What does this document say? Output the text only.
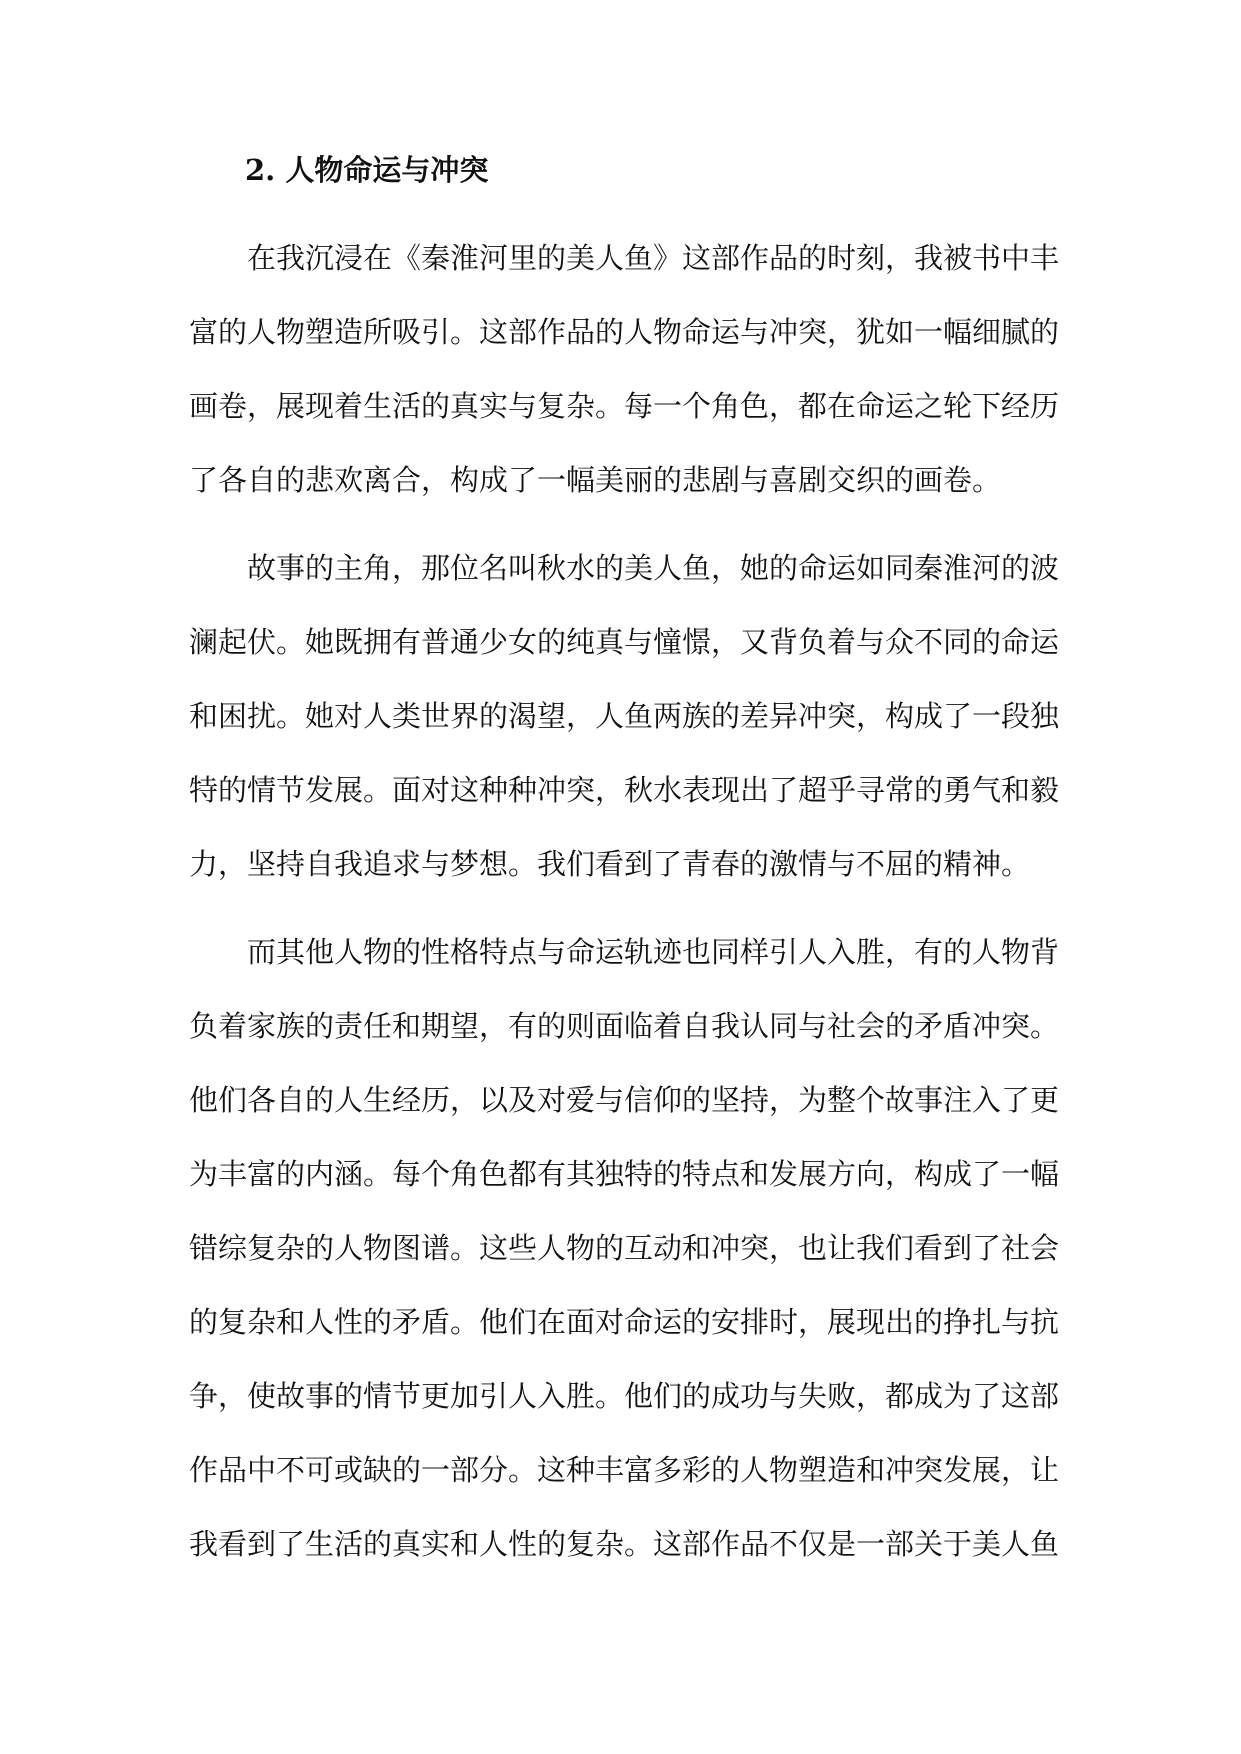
2. 人物命运与冲突

在我沉浸在《秦淮河里的美人鱼》这部作品的时刻，我被书中丰
富的人物塑造所吸引。这部作品的人物命运与冲突，犹如一幅细腻的
画卷，展现着生活的真实与复杂。每一个角色，都在命运之轮下经历
了各自的悲欢离合，构成了一幅美丽的悲剧与喜剧交织的画卷。

故事的主角，那位名叫秋水的美人鱼，她的命运如同秦淮河的波
澜起伏。她既拥有普通少女的纯真与憧憬，又背负着与众不同的命运
和困扰。她对人类世界的渴望，人鱼两族的差异冲突，构成了一段独
特的情节发展。面对这种种冲突，秋水表现出了超乎寻常的勇气和毅
力，坚持自我追求与梦想。我们看到了青春的激情与不屈的精神。

而其他人物的性格特点与命运轨迹也同样引人入胜，有的人物背
负着家族的责任和期望，有的则面临着自我认同与社会的矛盾冲突。
他们各自的人生经历，以及对爱与信仰的坚持，为整个故事注入了更
为丰富的内涵。每个角色都有其独特的特点和发展方向，构成了一幅
错综复杂的人物图谱。这些人物的互动和冲突，也让我们看到了社会
的复杂和人性的矛盾。他们在面对命运的安排时，展现出的挣扎与抗
争，使故事的情节更加引人入胜。他们的成功与失败，都成为了这部
作品中不可或缺的一部分。这种丰富多彩的人物塑造和冲突发展，让
我看到了生活的真实和人性的复杂。这部作品不仅是一部关于美人鱼
